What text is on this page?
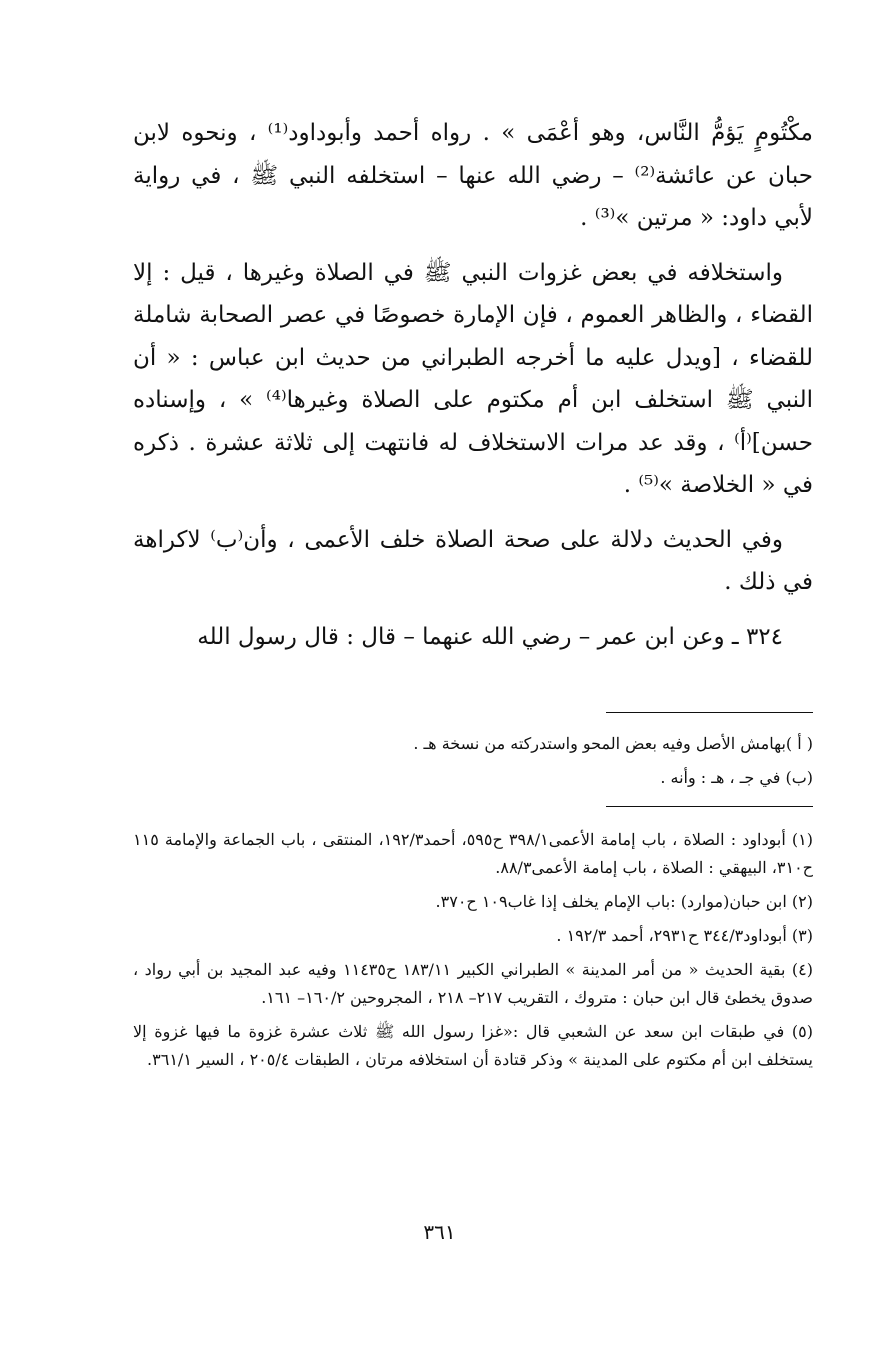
مكْتُومٍ يَؤمُّ النَّاس، وهو أعْمَى » . رواه أحمد وأبوداود⁽¹⁾ ، ونحوه لابن حبان عن عائشة⁽²⁾ – رضي الله عنها – استخلفه النبي ﷺ ، في رواية لأبي داود: « مرتين »⁽³⁾ .

واستخلافه في بعض غزوات النبي ﷺ في الصلاة وغيرها ، قيل : إلا القضاء ، والظاهر العموم ، فإن الإمارة خصوصًا في عصر الصحابة شاملة للقضاء ، [ويدل عليه ما أخرجه الطبراني من حديث ابن عباس : « أن النبي ﷺ استخلف ابن أم مكتوم على الصلاة وغيرها⁽⁴⁾ » ، وإسناده حسن]⁽أ⁾ ، وقد عد مرات الاستخلاف له فانتهت إلى ثلاثة عشرة . ذكره في « الخلاصة »⁽⁵⁾ .

وفي الحديث دلالة على صحة الصلاة خلف الأعمى ، وأن⁽ب⁾ لاكراهة في ذلك .

٣٢٤ ـ وعن ابن عمر – رضي الله عنهما – قال : قال رسول الله

( أ )بهامش الأصل وفيه بعض المحو واستدركته من نسخة هـ .

(ب) في جـ ، هـ : وأنه .

(١) أبوداود : الصلاة ، باب إمامة الأعمى٣٩٨/١ ح٥٩٥، أحمد١٩٢/٣، المنتقى ، باب الجماعة والإمامة ١١٥ ح٣١٠، البيهقي : الصلاة ، باب إمامة الأعمى٨٨/٣.

(٢) ابن حبان(موارد) :باب الإمام يخلف إذا غاب١٠٩ ح٣٧٠.

(٣) أبوداود٣٤٤/٣ ح٢٩٣١، أحمد ١٩٢/٣ .

(٤) بقية الحديث « من أمر المدينة » الطبراني الكبير ١٨٣/١١ ح١١٤٣٥ وفيه عبد المجيد بن أبي رواد ، صدوق يخطئ قال ابن حبان : متروك ، التقريب ٢١٧– ٢١٨ ، المجروحين ١٦٠/٢– ١٦١.

(٥) في طبقات ابن سعد عن الشعبي قال :«غزا رسول الله ﷺ ثلاث عشرة غزوة ما فيها غزوة إلا يستخلف ابن أم مكتوم على المدينة » وذكر قتادة أن استخلافه مرتان ، الطبقات ٢٠٥/٤ ، السير ٣٦١/١.

٣٦١
